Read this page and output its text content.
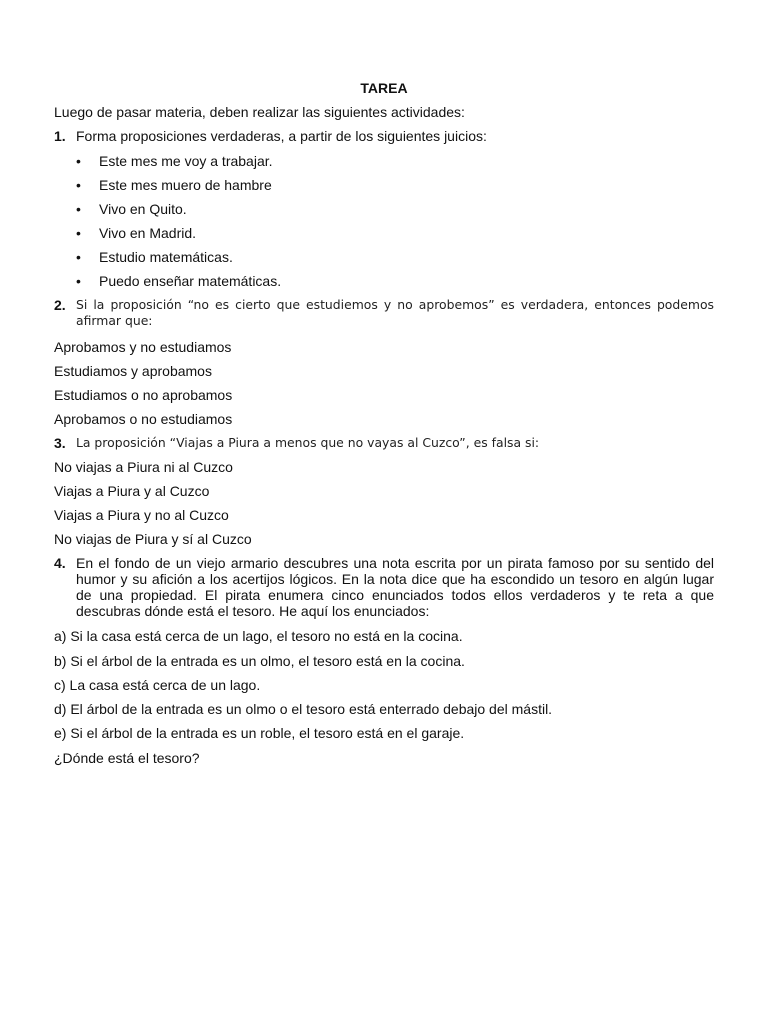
TAREA
Luego de pasar materia, deben realizar las siguientes actividades:
1. Forma proposiciones verdaderas, a partir de los siguientes juicios:
• Este mes me voy a trabajar.
• Este mes muero de hambre
• Vivo en Quito.
• Vivo en Madrid.
• Estudio matemáticas.
• Puedo enseñar matemáticas.
2. Si la proposición “no es cierto que estudiemos y no aprobemos” es verdadera, entonces podemos afirmar que:
Aprobamos y no estudiamos
Estudiamos y aprobamos
Estudiamos o no aprobamos
Aprobamos o no estudiamos
3. La proposición “Viajas a Piura a menos que no vayas al Cuzco”, es falsa si:
No viajas a Piura ni al Cuzco
Viajas a Piura y al Cuzco
Viajas a Piura y no al Cuzco
No viajas de Piura y sí al Cuzco
4. En el fondo de un viejo armario descubres una nota escrita por un pirata famoso por su sentido del humor y su afición a los acertijos lógicos. En la nota dice que ha escondido un tesoro en algún lugar de una propiedad. El pirata enumera cinco enunciados todos ellos verdaderos y te reta a que descubras dónde está el tesoro. He aquí los enunciados:
a) Si la casa está cerca de un lago, el tesoro no está en la cocina.
b) Si el árbol de la entrada es un olmo, el tesoro está en la cocina.
c) La casa está cerca de un lago.
d) El árbol de la entrada es un olmo o el tesoro está enterrado debajo del mástil.
e) Si el árbol de la entrada es un roble, el tesoro está en el garaje.
¿Dónde está el tesoro?
